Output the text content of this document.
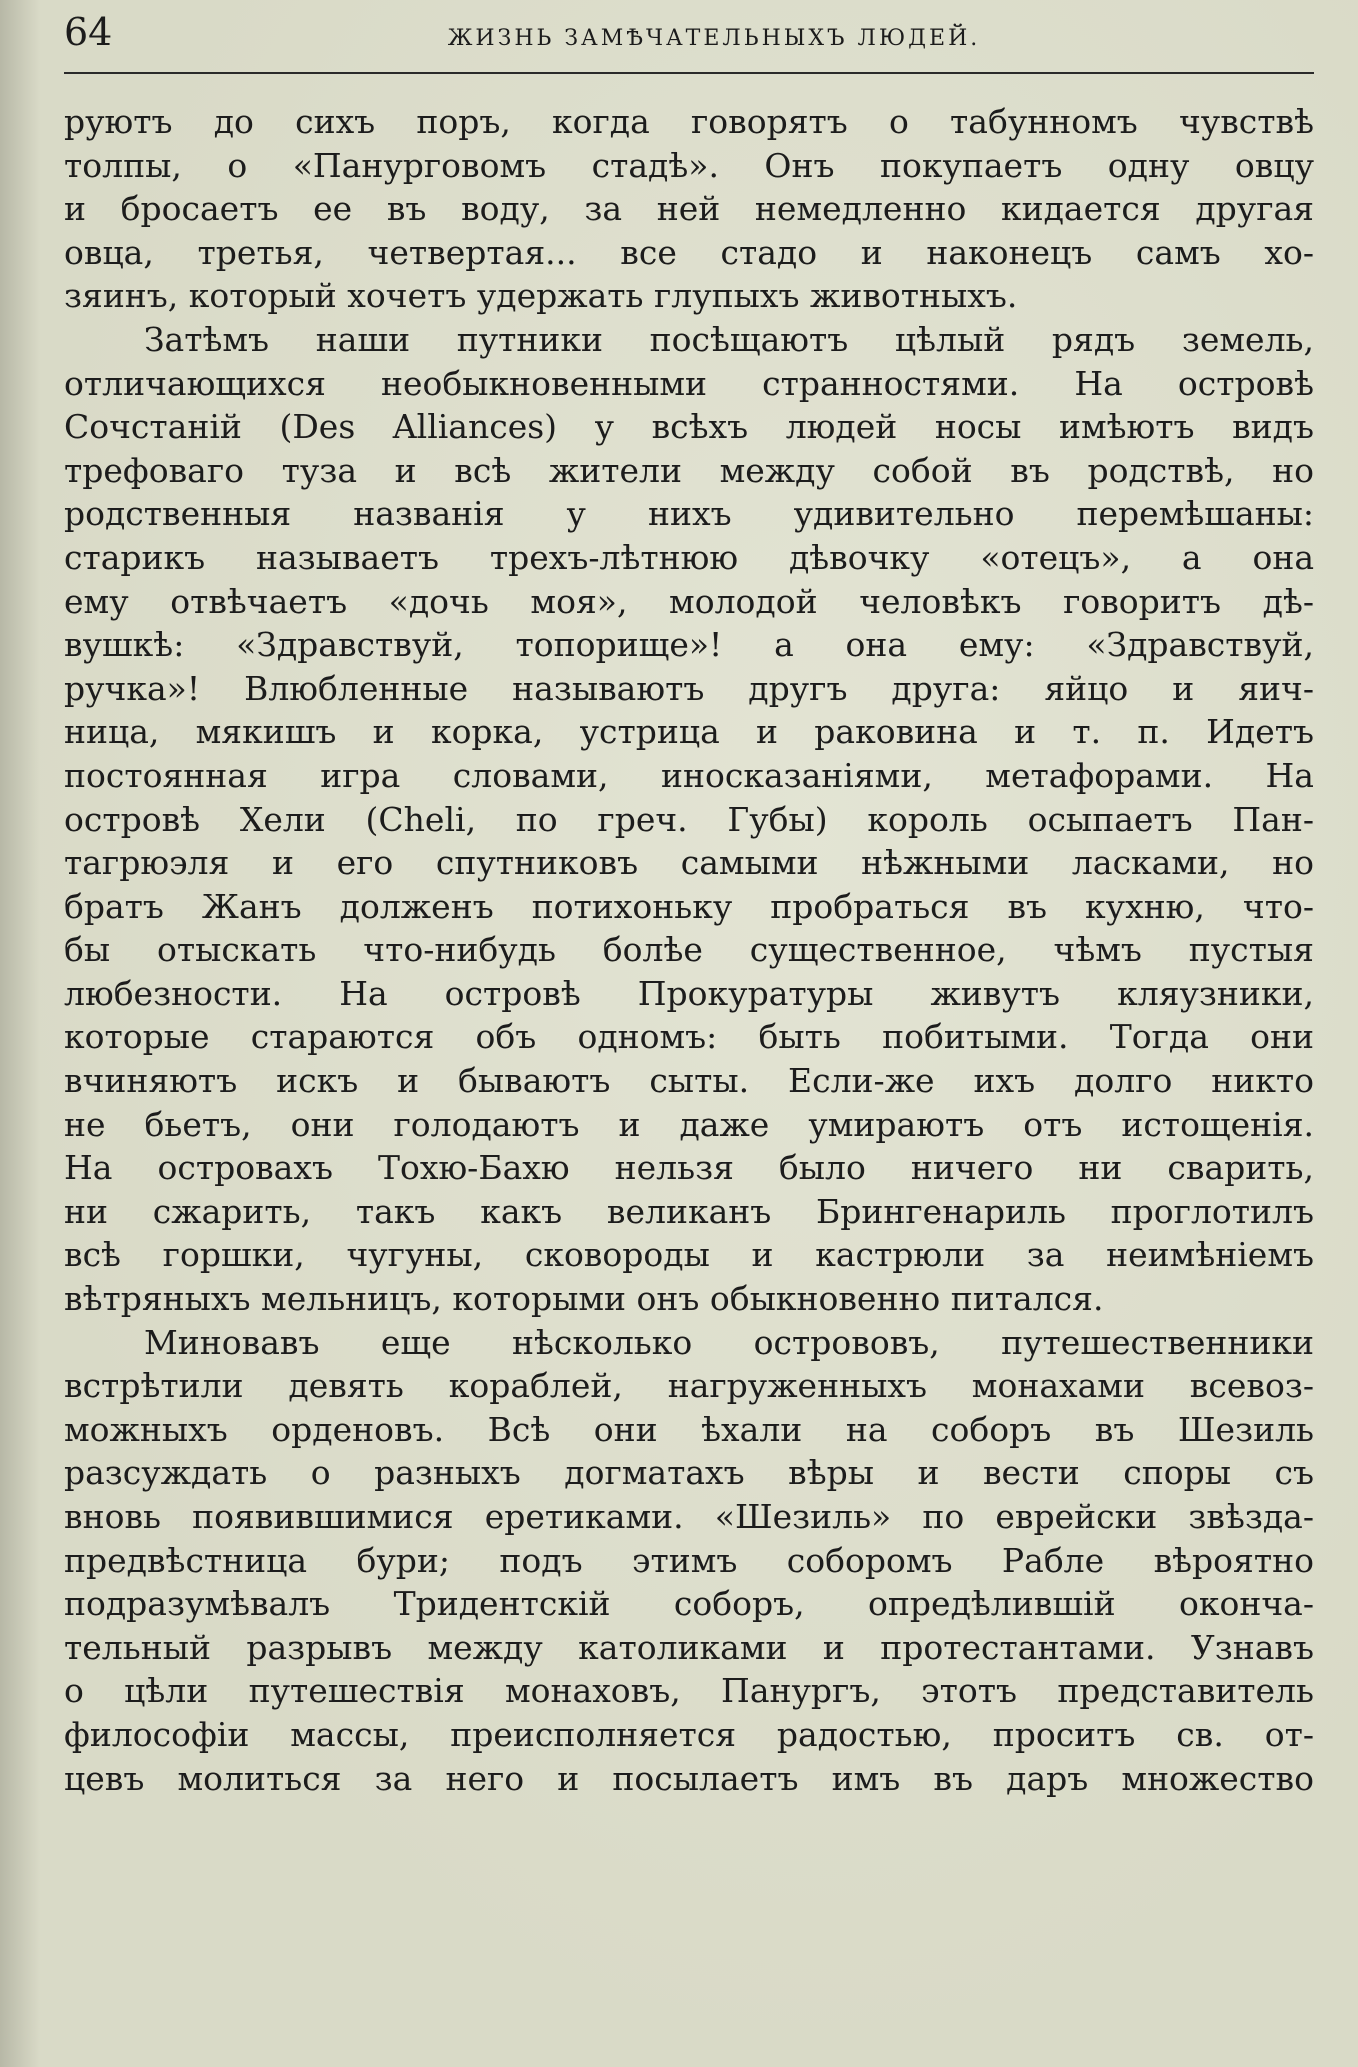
64	ЖИЗНЬ ЗАМѢЧАТЕЛЬНЫХЪ ЛЮДЕЙ.
руютъ до сихъ поръ, когда говорятъ о табунномъ чувствѣ
толпы, о «Панурговомъ стадѣ». Онъ покупаетъ одну овцу
и бросаетъ ее въ воду, за ней немедленно кидается другая
овца, третья, четвертая... все стадо и наконецъ самъ хо-
зяинъ, который хочетъ удержать глупыхъ животныхъ.
Затѣмъ наши путники посѣщаютъ цѣлый рядъ земель,
отличающихся необыкновенными странностями. На островѣ
Сочстаній (Des Alliances) у всѣхъ людей носы имѣютъ видъ
трефоваго туза и всѣ жители между собой въ родствѣ, но
родственныя названія у нихъ удивительно перемѣшаны:
старикъ называетъ трехъ-лѣтнюю дѣвочку «отецъ», а она
ему отвѣчаетъ «дочь моя», молодой человѣкъ говоритъ дѣ-
вушкѣ: «Здравствуй, топорище»! а она ему: «Здравствуй,
ручка»! Влюбленные называютъ другъ друга: яйцо и яич-
ница, мякишъ и корка, устрица и раковина и т. п. Идетъ
постоянная игра словами, иносказаніями, метафорами. На
островѣ Хели (Cheli, по греч. Губы) король осыпаетъ Пан-
тагрюэля и его спутниковъ самыми нѣжными ласками, но
братъ Жанъ долженъ потихоньку пробраться въ кухню, что-
бы отыскать что-нибудь болѣе существенное, чѣмъ пустыя
любезности. На островѣ Прокуратуры живутъ кляузники,
которые стараются объ одномъ: быть побитыми. Тогда они
вчиняютъ искъ и бываютъ сыты. Если-же ихъ долго никто
не бьетъ, они голодаютъ и даже умираютъ отъ истощенія.
На островахъ Тохю-Бахю нельзя было ничего ни сварить,
ни сжарить, такъ какъ великанъ Брингенариль проглотилъ
всѣ горшки, чугуны, сковороды и кастрюли за неимѣніемъ
вѣтряныхъ мельницъ, которыми онъ обыкновенно питался.
Миновавъ еще нѣсколько острововъ, путешественники
встрѣтили девять кораблей, нагруженныхъ монахами всевоз-
можныхъ орденовъ. Всѣ они ѣхали на соборъ въ Шезиль
разсуждать о разныхъ догматахъ вѣры и вести споры съ
вновь появившимися еретиками. «Шезиль» по еврейски звѣзда-
предвѣстница бури; подъ этимъ соборомъ Рабле вѣроятно
подразумѣвалъ Тридентскій соборъ, опредѣлившій оконча-
тельный разрывъ между католиками и протестантами. Узнавъ
о цѣли путешествія монаховъ, Панургъ, этотъ представитель
философіи массы, преисполняется радостью, проситъ св. от-
цевъ молиться за него и посылаетъ имъ въ даръ множество
